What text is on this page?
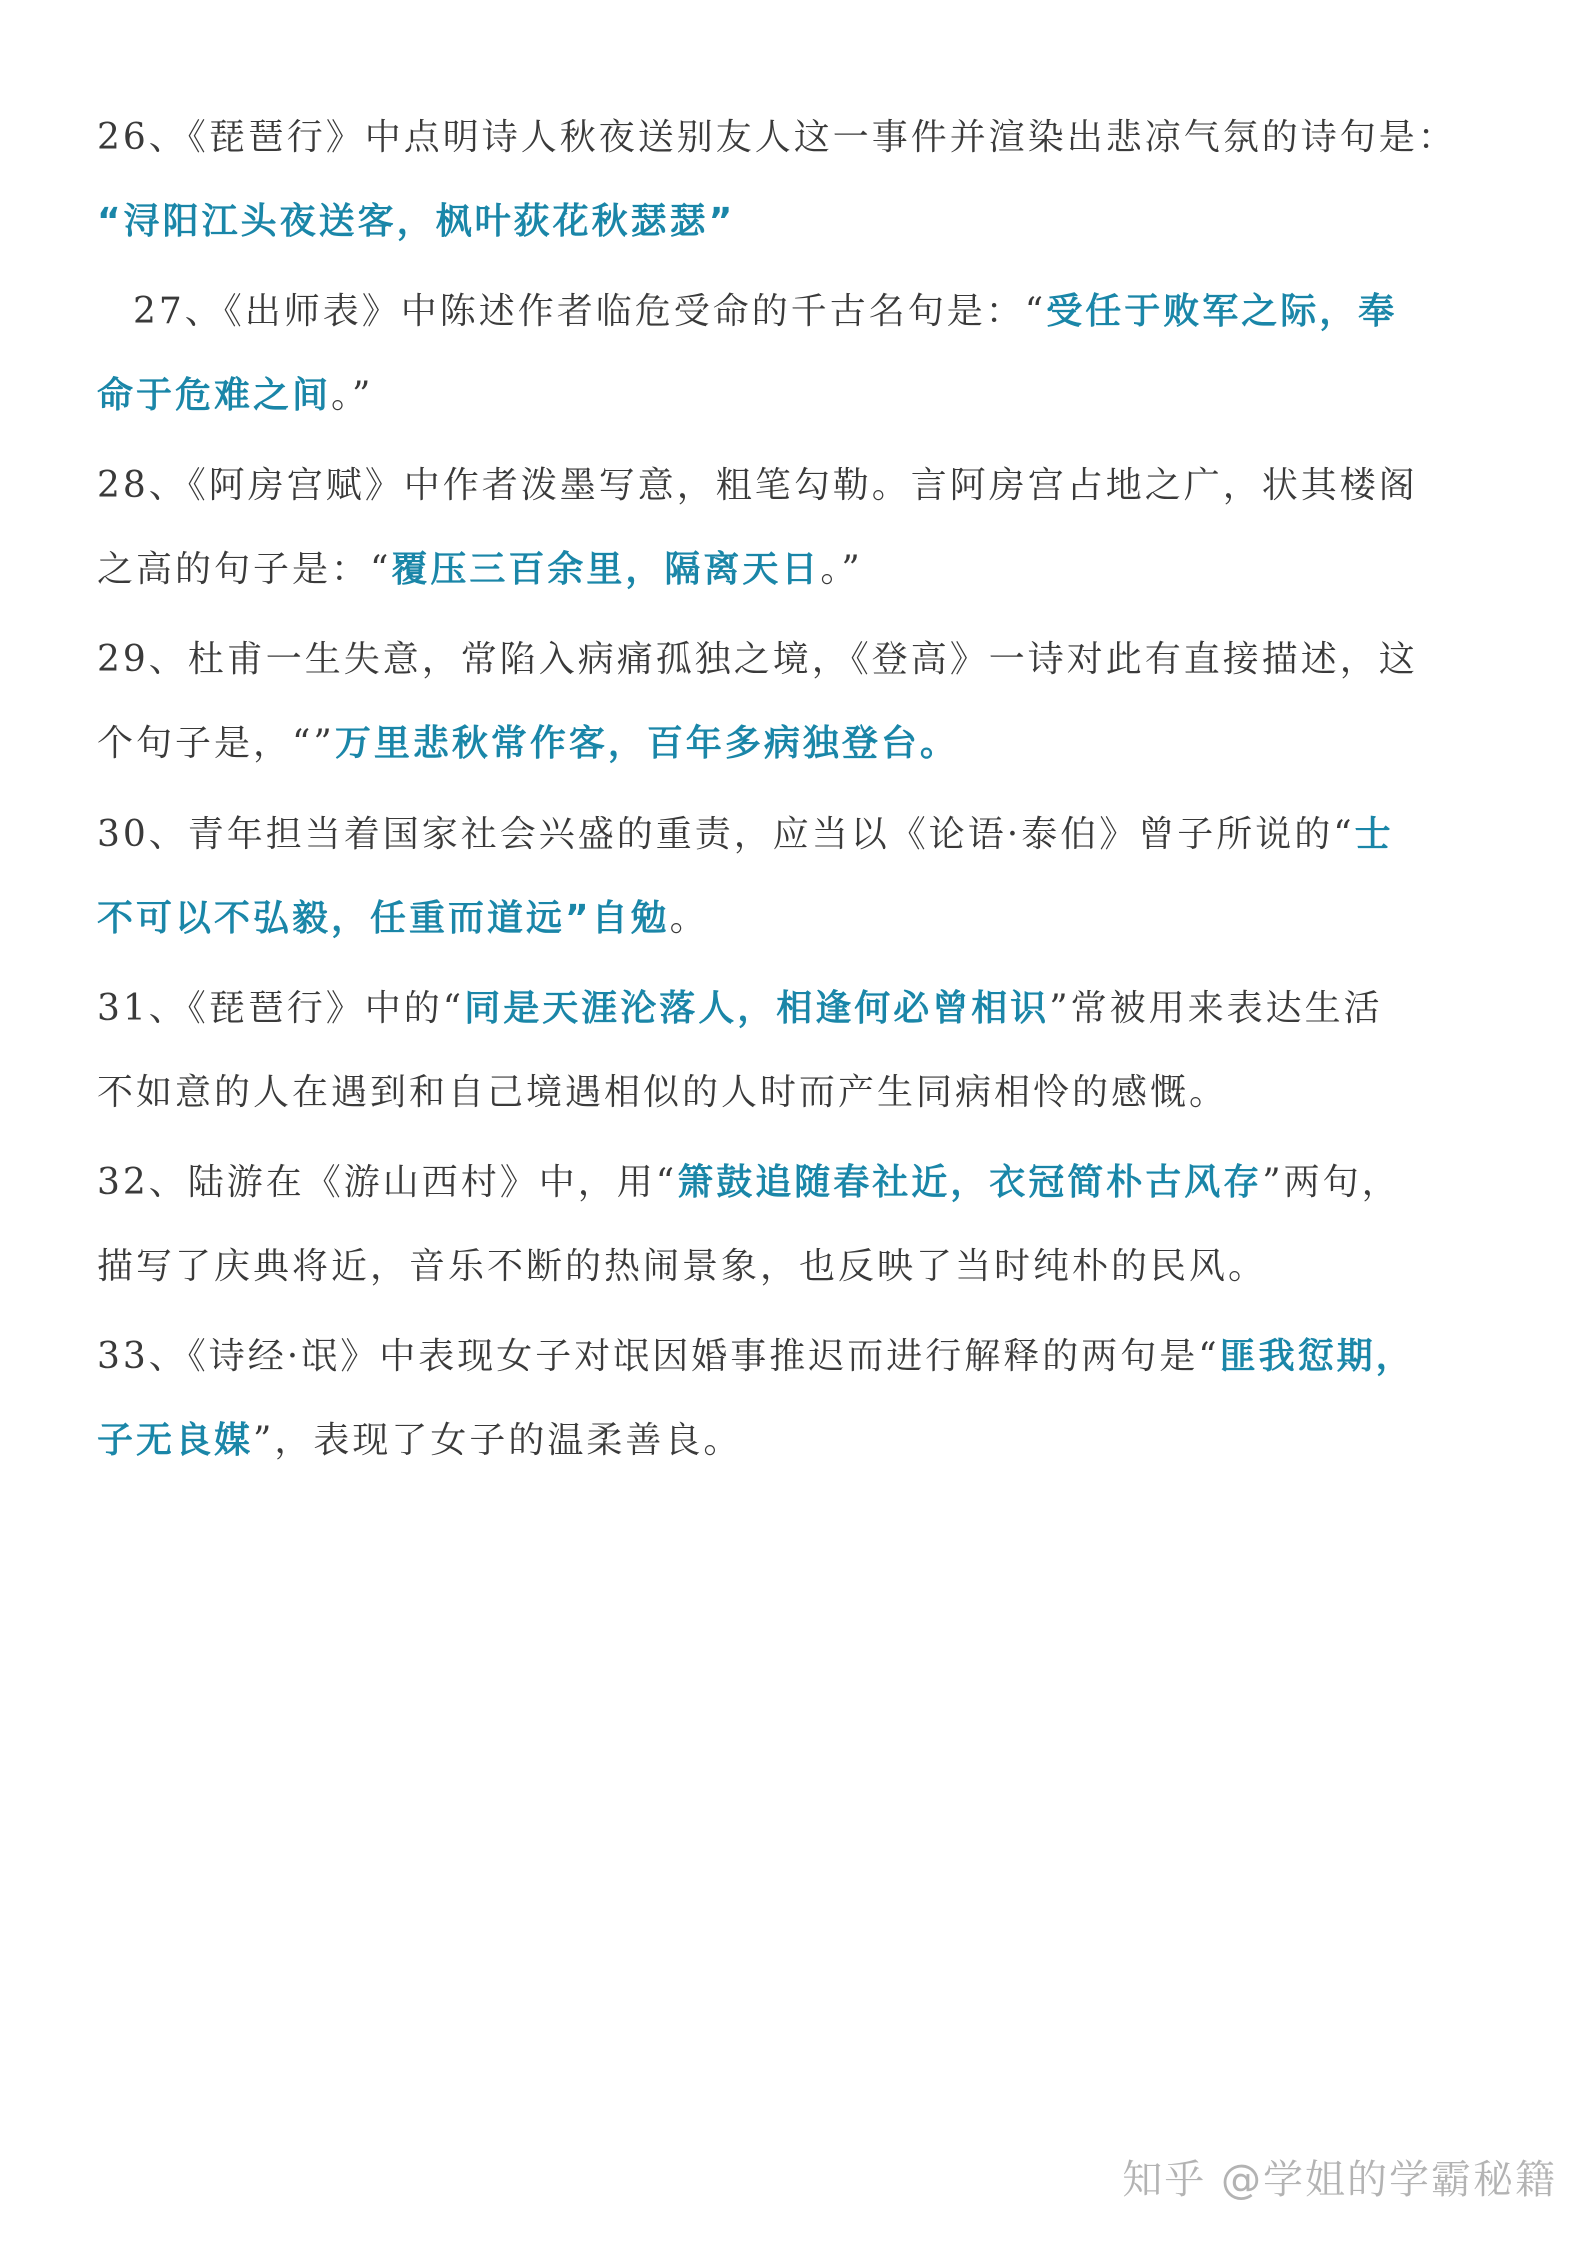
26、《琵琶行》中点明诗人秋夜送别友人这一事件并渲染出悲凉气氛的诗句是：
“浔阳江头夜送客，枫叶荻花秋瑟瑟”
27、《出师表》中陈述作者临危受命的千古名句是：“受任于败军之际，奉
命于危难之间。”
28、《阿房宫赋》中作者泼墨写意，粗笔勾勒。言阿房宫占地之广，状其楼阁
之高的句子是：“覆压三百余里，隔离天日。”
29、杜甫一生失意，常陷入病痛孤独之境，《登高》一诗对此有直接描述，这
个句子是，“”万里悲秋常作客，百年多病独登台。
30、青年担当着国家社会兴盛的重责，应当以《论语·泰伯》曾子所说的“士
不可以不弘毅，任重而道远”自勉。
31、《琵琶行》中的“同是天涯沦落人，相逢何必曾相识”常被用来表达生活
不如意的人在遇到和自己境遇相似的人时而产生同病相怜的感慨。
32、陆游在《游山西村》中，用“箫鼓追随春社近，衣冠简朴古风存”两句，
描写了庆典将近，音乐不断的热闹景象，也反映了当时纯朴的民风。
33、《诗经·氓》中表现女子对氓因婚事推迟而进行解释的两句是“匪我愆期，
子无良媒”，表现了女子的温柔善良。
知乎 @学姐的学霸秘籍
